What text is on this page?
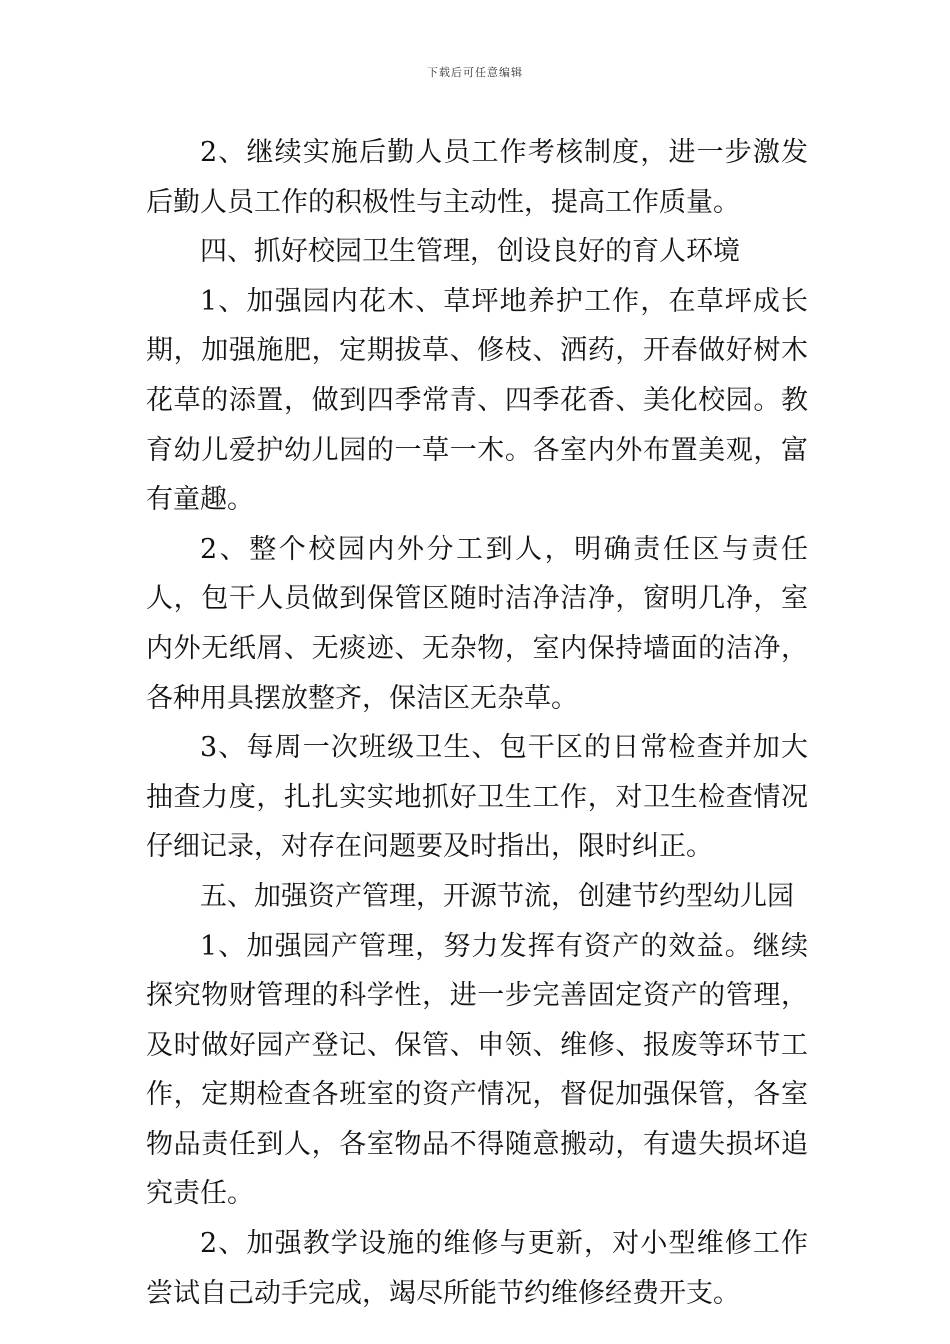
下载后可任意编辑

2、继续实施后勤人员工作考核制度，进一步激发后勤人员工作的积极性与主动性，提高工作质量。

四、抓好校园卫生管理，创设良好的育人环境

1、加强园内花木、草坪地养护工作，在草坪成长期，加强施肥，定期拔草、修枝、洒药，开春做好树木花草的添置，做到四季常青、四季花香、美化校园。教育幼儿爱护幼儿园的一草一木。各室内外布置美观，富有童趣。

2、整个校园内外分工到人，明确责任区与责任人，包干人员做到保管区随时洁净洁净，窗明几净，室内外无纸屑、无痰迹、无杂物，室内保持墙面的洁净，各种用具摆放整齐，保洁区无杂草。

3、每周一次班级卫生、包干区的日常检查并加大抽查力度，扎扎实实地抓好卫生工作，对卫生检查情况仔细记录，对存在问题要及时指出，限时纠正。

五、加强资产管理，开源节流，创建节约型幼儿园

1、加强园产管理，努力发挥有资产的效益。继续探究物财管理的科学性，进一步完善固定资产的管理，及时做好园产登记、保管、申领、维修、报废等环节工作，定期检查各班室的资产情况，督促加强保管，各室物品责任到人，各室物品不得随意搬动，有遗失损坏追究责任。

2、加强教学设施的维修与更新，对小型维修工作尝试自己动手完成，竭尽所能节约维修经费开支。
